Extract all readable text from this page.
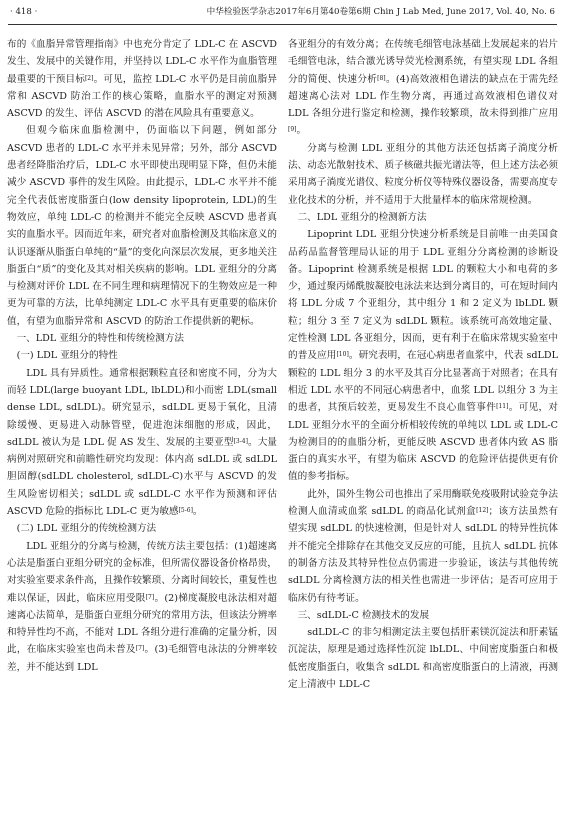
· 418 ·	中华检验医学杂志2017年6月第40卷第6期 Chin J Lab Med, June 2017, Vol. 40, No. 6

布的《血脂异常管理指南》中也充分肯定了 LDL-C 在 ASCVD 发生、发展中的关键作用，并坚持以 LDL-C 水平作为血脂管理最重要的干预目标[2]。可见，监控 LDL-C 水平仍是目前血脂异常和 ASCVD 防治工作的核心策略，血脂水平的测定对预测 ASCVD 的发生、评估 ASCVD 的潜在风险具有重要意义。

但观今临床血脂检测中，仍面临以下问题，例如部分 ASCVD 患者的 LDL-C 水平并未见异常；另外，部分 ASCVD 患者经降脂治疗后，LDL-C 水平即使出现明显下降，但仍未能减少 ASCVD 事件的发生风险。由此提示，LDL-C 水平并不能完全代表低密度脂蛋白(low density lipoprotein, LDL)的生物效应，单纯 LDL-C 的检测并不能完全反映 ASCVD 患者真实的血脂水平。因而近年来，研究者对血脂检测及其临床意义的认识逐渐从脂蛋白单纯的“量”的变化向深层次发展，更多地关注脂蛋白“质”的变化及其对相关疾病的影响。LDL 亚组分的分离与检测对评价 LDL 在不同生理和病理情况下的生物效应是一种更为可靠的方法，比单纯测定 LDL-C 水平具有更重要的临床价值，有望为血脂异常和 ASCVD 的防治工作提供新的靶标。

一、LDL 亚组分的特性和传统检测方法

(一) LDL 亚组分的特性

LDL 具有异质性。通常根据颗粒直径和密度不同，分为大而轻 LDL(large buoyant LDL, lbLDL)和小而密 LDL(small dense LDL, sdLDL)。研究显示，sdLDL 更易于氧化，且清除缓慢、更易进入动脉管壁，促进泡沫细胞的形成，因此，sdLDL 被认为是 LDL 促 AS 发生、发展的主要亚型[3-4]。大量病例对照研究和前瞻性研究均发现：体内高 sdLDL 或 sdLDL 胆固醇(sdLDL cholesterol, sdLDL-C)水平与 ASCVD 的发生风险密切相关；sdLDL 或 sdLDL-C 水平作为预测和评估 ASCVD 危险的指标比 LDL-C 更为敏感[5-6]。

(二) LDL 亚组分的传统检测方法

LDL 亚组分的分离与检测，传统方法主要包括：(1)超速离心法是脂蛋白亚组分研究的金标准，但所需仪器设备价格昂贵，对实验室要求条件高，且操作较繁琐、分离时间较长，重复性也难以保证，因此，临床应用受限[7]。(2)梯度凝胶电泳法相对超速离心法简单，是脂蛋白亚组分研究的常用方法，但该法分辨率和特异性均不高，不能对 LDL 各组分进行准确的定量分析，因此，在临床实验室也尚未普及[7]。(3)毛细管电泳法的分辨率较差，并不能达到 LDL

各亚组分的有效分离；在传统毛细管电泳基础上发展起来的岩片毛细管电泳，结合激光诱导荧光检测系统，有望实现 LDL 各组分的简便、快速分析[8]。(4)高效液相色谱法的缺点在于需先经超速离心法对 LDL 作生物分离，再通过高效液相色谱仪对 LDL 各组分进行鉴定和检测，操作较繁琐，故未得到推广应用[9]。

分离与检测 LDL 亚组分的其他方法还包括离子淌度分析法、动态光散射技术、质子核磁共振光谱法等，但上述方法必须采用离子淌度光谱仪、粒度分析仪等特殊仪器设备，需要高度专业化技术的分析，并不适用于大批量样本的临床常规检测。

二、LDL 亚组分的检测新方法

Lipoprint LDL 亚组分快速分析系统是目前唯一由美国食品药品监督管理局认证的用于 LDL 亚组分分离检测的诊断设备。Lipoprint 检测系统是根据 LDL 的颗粒大小和电荷的多少，通过聚丙烯酰胺凝胶电泳法来达到分离目的，可在短时间内将 LDL 分成 7 个亚组分，其中组分 1 和 2 定义为 lbLDL 颗粒；组分 3 至 7 定义为 sdLDL 颗粒。该系统可高效地定量、定性检测 LDL 各亚组分，因而，更有利于在临床常规实验室中的普及应用[10]。研究表明，在冠心病患者血浆中，代表 sdLDL 颗粒的 LDL 组分 3 的水平及其百分比显著高于对照者；在具有相近 LDL 水平的不同冠心病患者中，血浆 LDL 以组分 3 为主的患者，其预后较差，更易发生不良心血管事件[11]。可见，对 LDL 亚组分水平的全面分析相较传统的单纯以 LDL 或 LDL-C 为检测目的的血脂分析，更能反映 ASCVD 患者体内致 AS 脂蛋白的真实水平，有望为临床 ASCVD 的危险评估提供更有价值的参考指标。

此外，国外生物公司也推出了采用酶联免疫吸附试验竞争法检测人血清或血浆 sdLDL 的商品化试剂盒[12]；该方法虽然有望实现 sdLDL 的快速检测，但是针对人 sdLDL 的特异性抗体并不能完全排除存在其他交叉反应的可能，且抗人 sdLDL 抗体的制备方法及其特异性位点仍需进一步验证，该法与其他传统 sdLDL 分离检测方法的相关性也需进一步评估；是否可应用于临床仍有待考证。

三、sdLDL-C 检测技术的发展

sdLDL-C 的非匀相测定法主要包括肝素镁沉淀法和肝素锰沉淀法，原理是通过选择性沉淀 lbLDL、中间密度脂蛋白和极低密度脂蛋白，收集含 sdLDL 和高密度脂蛋白的上清液，再测定上清液中 LDL-C
